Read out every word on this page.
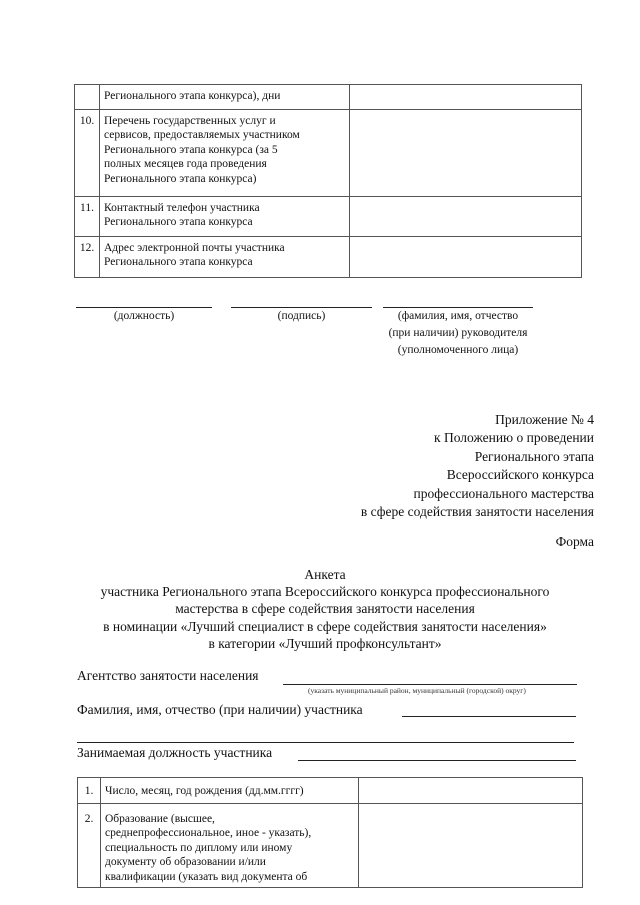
	Регионального этапа конкурса), дни	
10.	Перечень государственных услуг и
сервисов, предоставляемых участником
Регионального этапа конкурса (за 5
полных месяцев года проведения
Регионального этапа конкурса)	
11.	Контактный телефон участника
Регионального этапа конкурса	
12.	Адрес электронной почты участника
Регионального этапа конкурса	
(должность)	(подпись)	(фамилия, имя, отчество
(при наличии) руководителя
(уполномоченного лица)
Приложение № 4
к Положению о проведении
Регионального этапа
Всероссийского конкурса
профессионального мастерства
в сфере содействия занятости населения
Форма
Анкета
участника Регионального этапа Всероссийского конкурса профессионального
мастерства в сфере содействия занятости населения
в номинации «Лучший специалист в сфере содействия занятости населения»
в категории «Лучший профконсультант»
Агентство занятости населения
(указать муниципальный район, муниципальный (городской) округ)
Фамилия, имя, отчество (при наличии) участника
Занимаемая должность участника
1.	Число, месяц, год рождения (дд.мм.гггг)	
2.	Образование (высшее,
среднепрофессиональное, иное - указать),
специальность по диплому или иному
документу об образовании и/или
квалификации (указать вид документа об	
